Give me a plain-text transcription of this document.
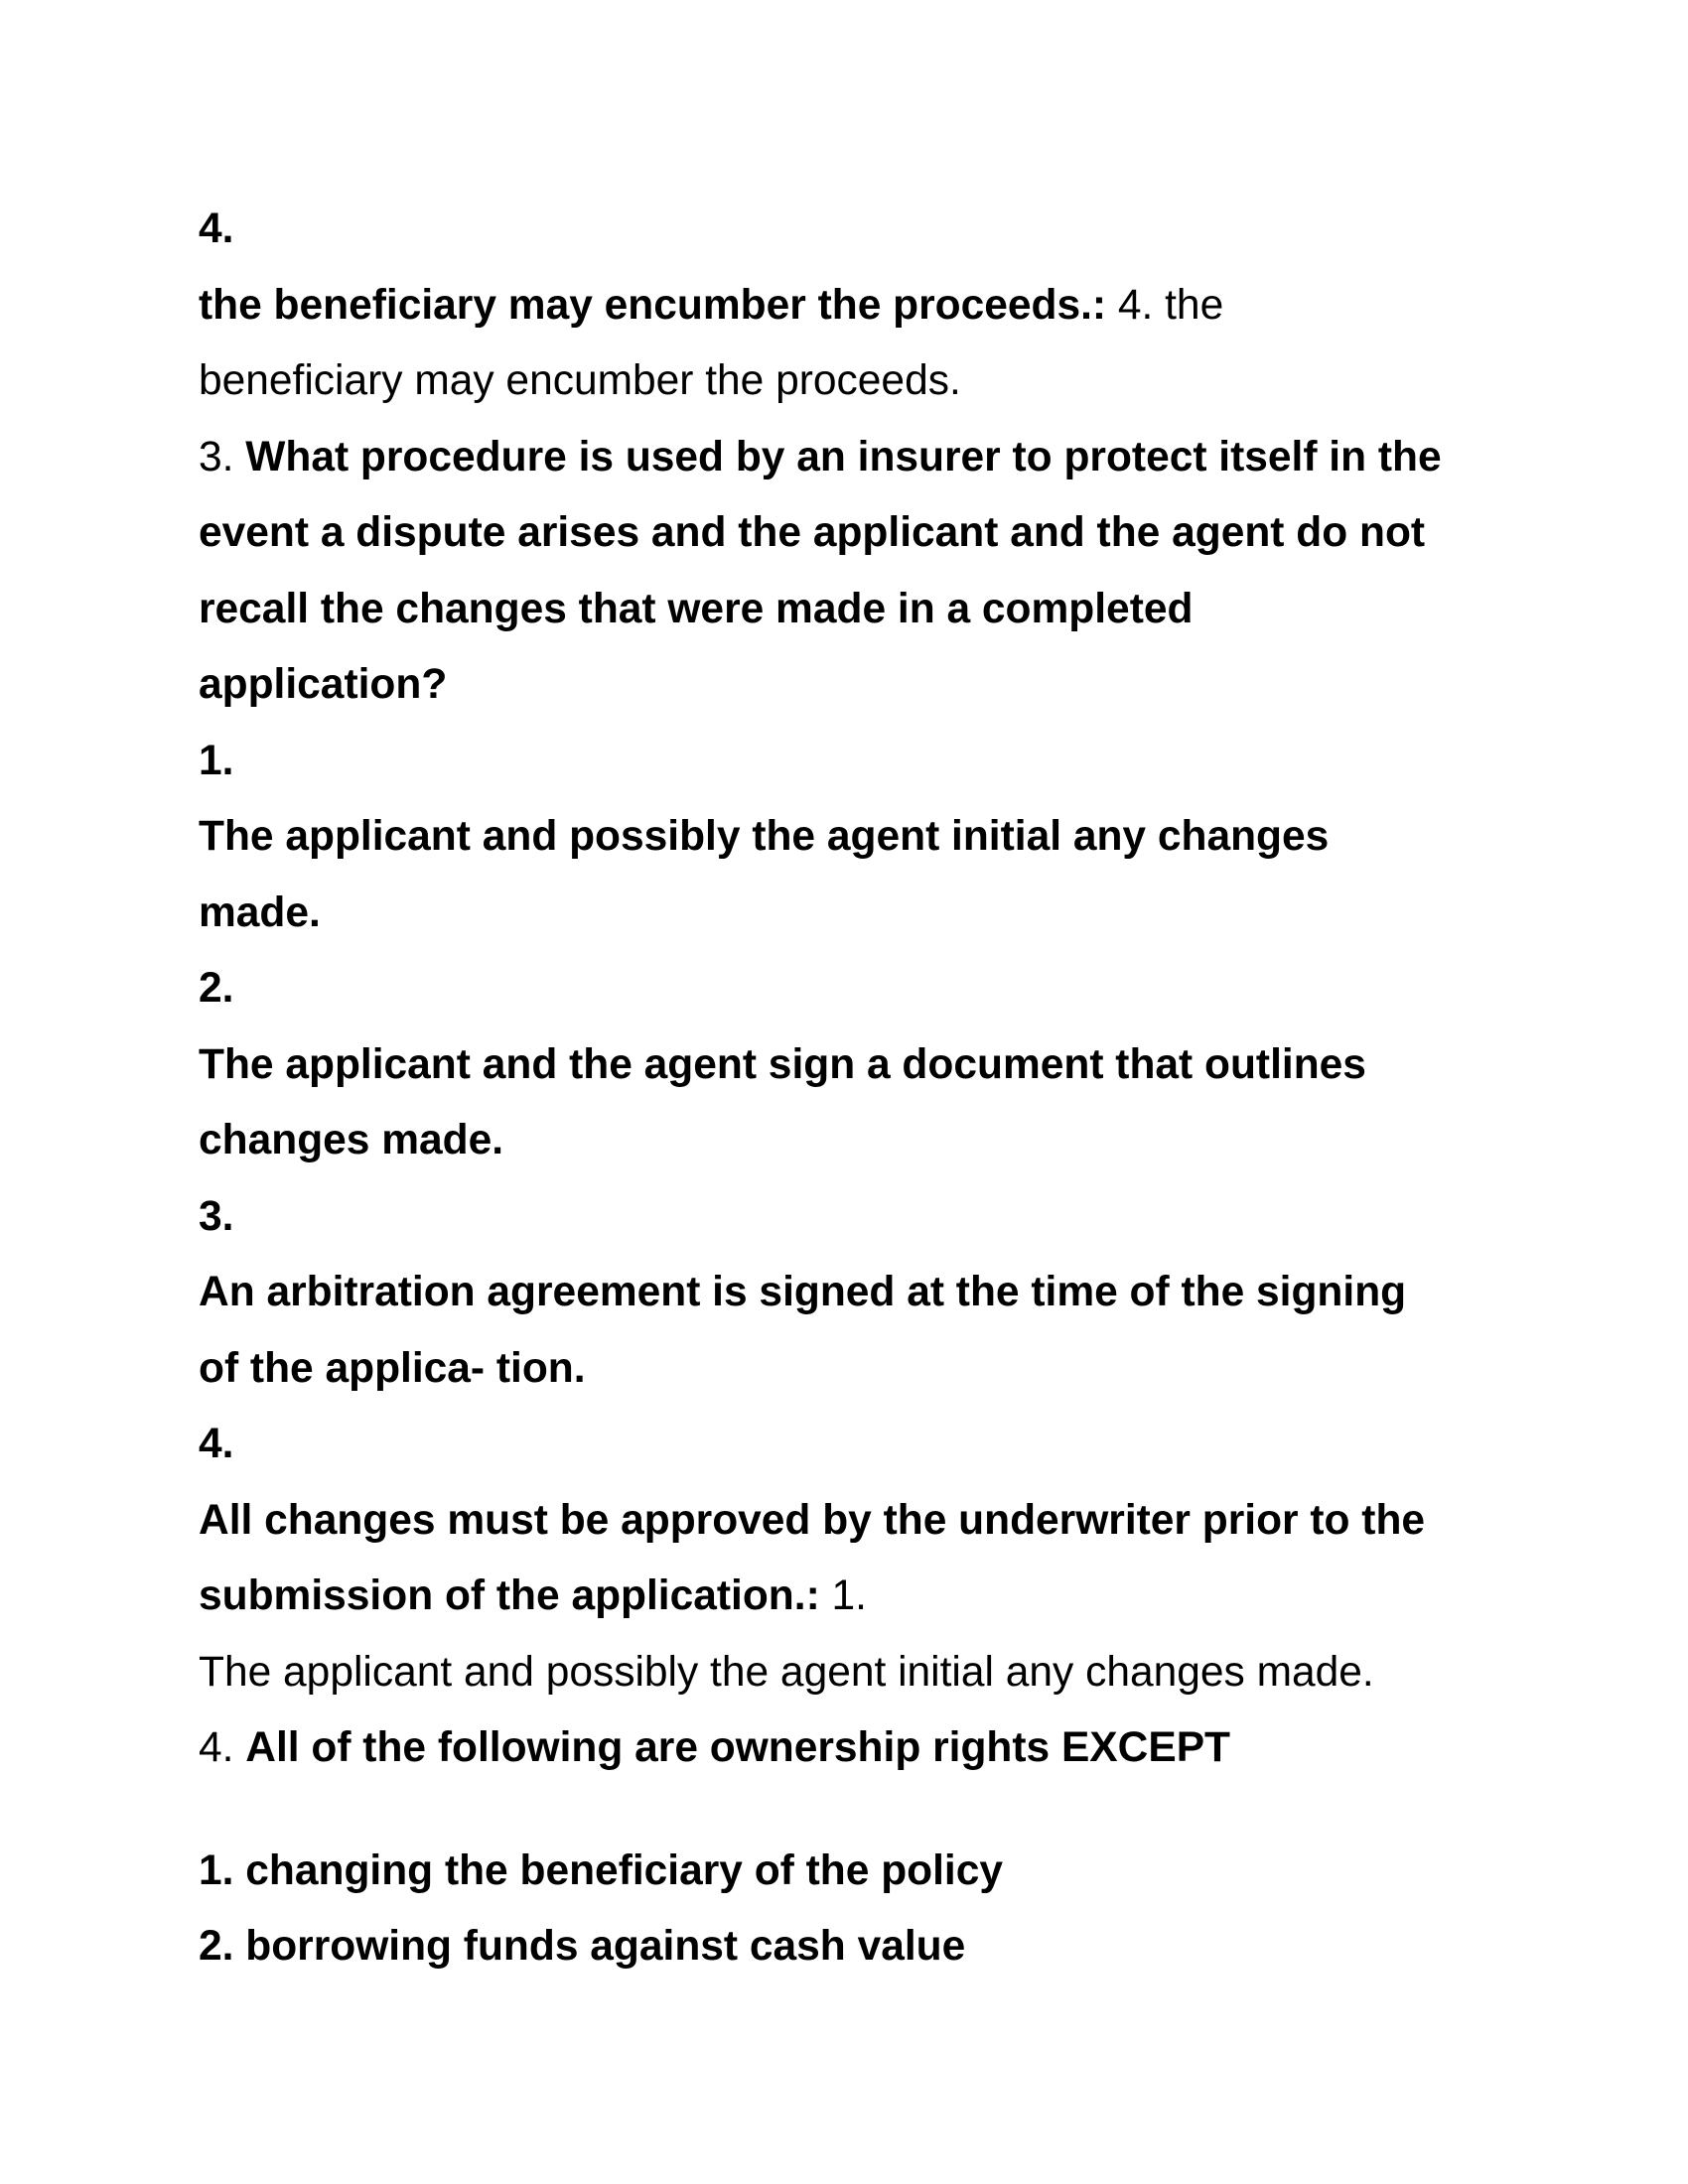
4.

the beneficiary may encumber the proceeds.: 4. the

beneficiary may encumber the proceeds.

3. What procedure is used by an insurer to protect itself in the

event a dispute arises and the applicant and the agent do not

recall the changes that were made in a completed

application?

1.

The applicant and possibly the agent initial any changes

made.

2.

The applicant and the agent sign a document that outlines

changes made.

3.

An arbitration agreement is signed at the time of the signing

of the applica- tion.

4.

All changes must be approved by the underwriter prior to the

submission of the application.: 1.

The applicant and possibly the agent initial any changes made.

4. All of the following are ownership rights EXCEPT

1. changing the beneficiary of the policy

2. borrowing funds against cash value
